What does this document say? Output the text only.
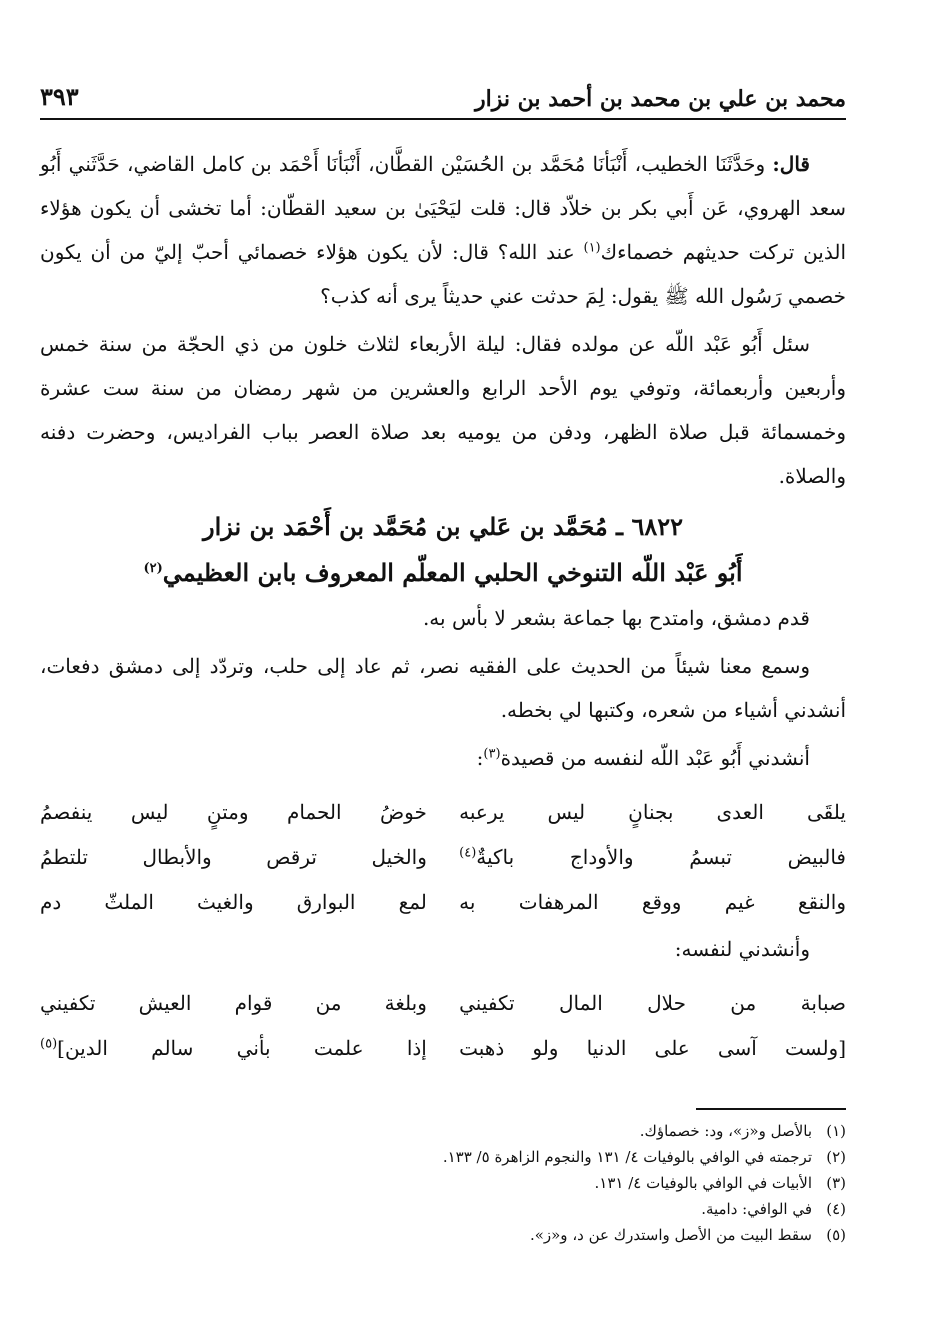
محمد بن علي بن محمد بن أحمد بن نزار
٣٩٣

قال: وحَدَّثَنَا الخطيب، أَنْبَأنَا مُحَمَّد بن الحُسَيْن القطَّان، أَنْبَأنَا أَحْمَد بن كامل القاضي، حَدَّثَني أَبُو سعد الهروي، عَن أَبي بكر بن خلاّد قال: قلت ليَحْيَىٰ بن سعيد القطّان: أما تخشى أن يكون هؤلاء الذين تركت حديثهم خصماءك$^{(١)}$ عند الله؟ قال: لأن يكون هؤلاء خصمائي أحبّ إليّ من أن يكون خصمي رَسُول الله ﷺ يقول: لِمَ حدثت عني حديثاً يرى أنه كذب؟

سئل أَبُو عَبْد اللّه عن مولده فقال: ليلة الأربعاء لثلاث خلون من ذي الحجّة من سنة خمس وأربعين وأربعمائة، وتوفي يوم الأحد الرابع والعشرين من شهر رمضان من سنة ست عشرة وخمسمائة قبل صلاة الظهر، ودفن من يوميه بعد صلاة العصر بباب الفراديس، وحضرت دفنه والصلاة.

٦٨٢٢ ـ مُحَمَّد بن عَلي بن مُحَمَّد بن أَحْمَد بن نزار
أَبُو عَبْد اللّه التنوخي الحلبي المعلّم المعروف بابن العظيمي$^{(٢)}$

قدم دمشق، وامتدح بها جماعة بشعر لا بأس به.

وسمع معنا شيئاً من الحديث على الفقيه نصر، ثم عاد إلى حلب، وتردّد إلى دمشق دفعات، أنشدني أشياء من شعره، وكتبها لي بخطه.

أنشدني أَبُو عَبْد اللّه لنفسه من قصيدة$^{(٣)}$:

يلقَى العدى بجنانٍ ليس يرعبه
خوضُ الحمام ومتنٍ ليس ينفصمُ
فالبيض تبسمُ والأوداج باكيةٌ$^{(٤)}$
والخيل ترقص والأبطال تلتطمُ
والنقع غيم ووقع المرهفات به
لمع البوارق والغيث الملثّ دم
وأنشدني لنفسه:
صبابة من حلال المال تكفيني
وبلغة من قوام العيش تكفيني
[ولست آسى على الدنيا ولو ذهبت
إذا علمت بأني سالم الدين]$^{(٥)}$
(١)
بالأصل و«ز»، ود: خصماؤك.
(٢)
ترجمته في الوافي بالوفيات ٤/ ١٣١ والنجوم الزاهرة ٥/ ١٣٣.
(٣)
الأبيات في الوافي بالوفيات ٤/ ١٣١.
(٤)
في الوافي: دامية.
(٥)
سقط البيت من الأصل واستدرك عن د، و«ز».
